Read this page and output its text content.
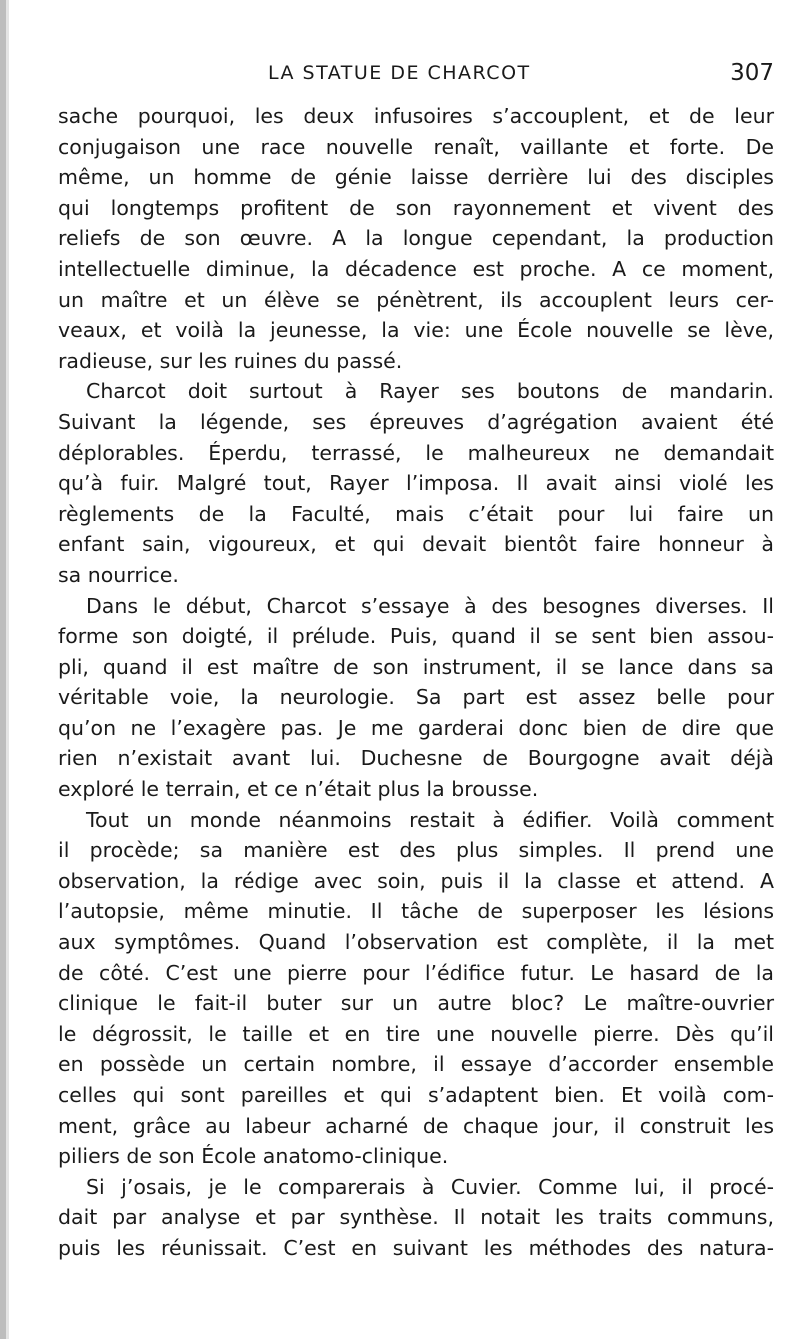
LA STATUE DE CHARCOT	307
sache pourquoi, les deux infusoires s’accouplent, et de leur
conjugaison une race nouvelle renaît, vaillante et forte. De
même, un homme de génie laisse derrière lui des disciples
qui longtemps profitent de son rayonnement et vivent des
reliefs de son œuvre. A la longue cependant, la production
intellectuelle diminue, la décadence est proche. A ce moment,
un maître et un élève se pénètrent, ils accouplent leurs cer-
veaux, et voilà la jeunesse, la vie: une École nouvelle se lève,
radieuse, sur les ruines du passé.
Charcot doit surtout à Rayer ses boutons de mandarin.
Suivant la légende, ses épreuves d’agrégation avaient été
déplorables. Éperdu, terrassé, le malheureux ne demandait
qu’à fuir. Malgré tout, Rayer l’imposa. Il avait ainsi violé les
règlements de la Faculté, mais c’était pour lui faire un
enfant sain, vigoureux, et qui devait bientôt faire honneur à
sa nourrice.
Dans le début, Charcot s’essaye à des besognes diverses. Il
forme son doigté, il prélude. Puis, quand il se sent bien assou-
pli, quand il est maître de son instrument, il se lance dans sa
véritable voie, la neurologie. Sa part est assez belle pour
qu’on ne l’exagère pas. Je me garderai donc bien de dire que
rien n’existait avant lui. Duchesne de Bourgogne avait déjà
exploré le terrain, et ce n’était plus la brousse.
Tout un monde néanmoins restait à édifier. Voilà comment
il procède; sa manière est des plus simples. Il prend une
observation, la rédige avec soin, puis il la classe et attend. A
l’autopsie, même minutie. Il tâche de superposer les lésions
aux symptômes. Quand l’observation est complète, il la met
de côté. C’est une pierre pour l’édifice futur. Le hasard de la
clinique le fait-il buter sur un autre bloc? Le maître-ouvrier
le dégrossit, le taille et en tire une nouvelle pierre. Dès qu’il
en possède un certain nombre, il essaye d’accorder ensemble
celles qui sont pareilles et qui s’adaptent bien. Et voilà com-
ment, grâce au labeur acharné de chaque jour, il construit les
piliers de son École anatomo-clinique.
Si j’osais, je le comparerais à Cuvier. Comme lui, il procé-
dait par analyse et par synthèse. Il notait les traits communs,
puis les réunissait. C’est en suivant les méthodes des natura-
